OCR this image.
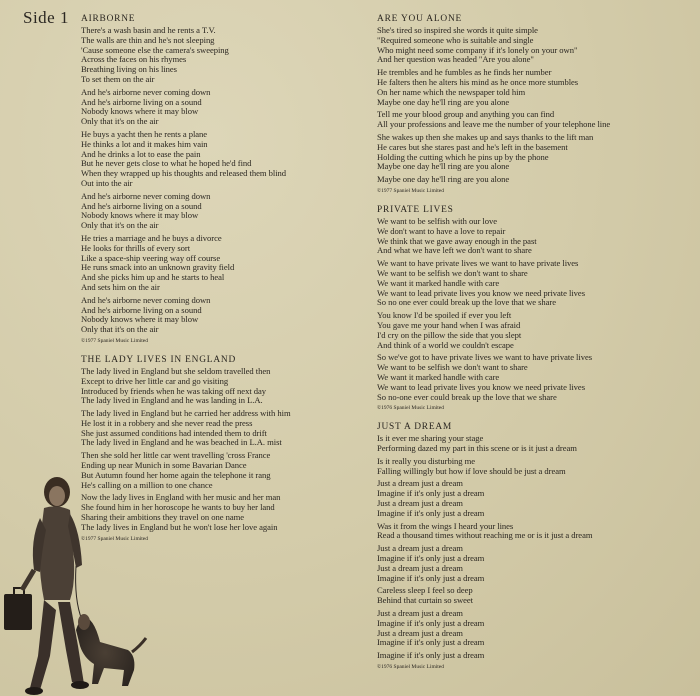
Side 1 AIRBORNE
There's a wash basin and he rents a T.V.
The walls are thin and he's not sleeping
'Cause someone else the camera's sweeping
Across the faces on his rhymes
Breathing living on his lines
To set them on the air
And he's airborne never coming down
And he's airborne living on a sound
Nobody knows where it may blow
Only that it's on the air
He buys a yacht then he rents a plane
He thinks a lot and it makes him vain
And he drinks a lot to ease the pain
But he never gets close to what he hoped he'd find
When they wrapped up his thoughts and released them blind
Out into the air
And he's airborne never coming down
And he's airborne living on a sound
Nobody knows where it may blow
Only that it's on the air
He tries a marriage and he buys a divorce
He looks for thrills of every sort
Like a space-ship veering way off course
He runs smack into an unknown gravity field
And she picks him up and he starts to heal
And sets him on the air
And he's airborne never coming down
And he's airborne living on a sound
Nobody knows where it may blow
Only that it's on the air
©1977 Spaniel Music Limited
THE LADY LIVES IN ENGLAND
The lady lived in England but she seldom travelled then
Except to drive her little car and go visiting
Introduced by friends when he was taking off next day
The lady lived in England and he was landing in L.A.
The lady lived in England but he carried her address with him
He lost it in a robbery and she never read the press
She just assumed conditions had intended them to drift
The lady lived in England and he was beached in L.A. mist
Then she sold her little car went travelling 'cross France
Ending up near Munich in some Bavarian Dance
But Autumn found her home again the telephone it rang
He's calling on a million to one chance
Now the lady lives in England with her music and her man
She found him in her horoscope he wants to buy her land
Sharing their ambitions they travel on one name
The lady lives in England but he won't lose her love again
©1977 Spaniel Music Limited
ARE YOU ALONE
She's tired so inspired she words it quite simple
"Required someone who is suitable and single
Who might need some company if it's lonely on your own"
And her question was headed "Are you alone"
He trembles and he fumbles as he finds her number
He falters then he alters his mind as he once more stumbles
On her name which the newspaper told him
Maybe one day he'll ring are you alone
Tell me your blood group and anything you can find
All your professions and leave me the number of your telephone line
She wakes up then she makes up and says thanks to the lift man
He cares but she stares past and he's left in the basement
Holding the cutting which he pins up by the phone
Maybe one day he'll ring are you alone
Maybe one day he'll ring are you alone
©1977 Spaniel Music Limited
PRIVATE LIVES
We want to be selfish with our love
We don't want to have a love to repair
We think that we gave away enough in the past
And what we have left we don't want to share
We want to have private lives we want to have private lives
We want to be selfish we don't want to share
We want it marked handle with care
We want to lead private lives you know we need private lives
So no one ever could break up the love that we share
You know I'd be spoiled if ever you left
You gave me your hand when I was afraid
I'd cry on the pillow the side that you slept
And think of a world we couldn't escape
So we've got to have private lives we want to have private lives
We want to be selfish we don't want to share
We want it marked handle with care
We want to lead private lives you know we need private lives
So no-one ever could break up the love that we share
©1976 Spaniel Music Limited
JUST A DREAM
Is it ever me sharing your stage
Performing dazed my part in this scene or is it just a dream
Is it really you disturbing me
Falling willingly but how if love should be just a dream
Just a dream just a dream
Imagine if it's only just a dream
Just a dream just a dream
Imagine if it's only just a dream
Was it from the wings I heard your lines
Read a thousand times without reaching me or is it just a dream
Just a dream just a dream
Imagine if it's only just a dream
Just a dream just a dream
Imagine if it's only just a dream
Careless sleep I feel so deep
Behind that curtain so sweet
Just a dream just a dream
Imagine if it's only just a dream
Just a dream just a dream
Imagine if it's only just a dream
Imagine if it's only just a dream
©1976 Spaniel Music Limited
